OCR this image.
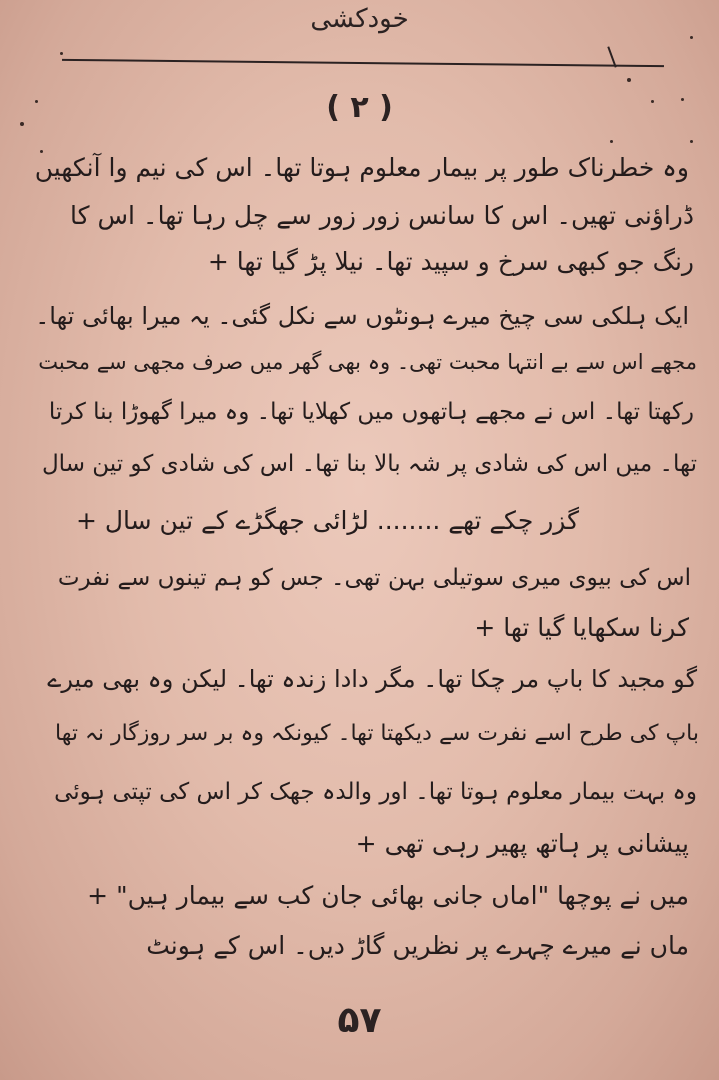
خودکشی
( ۲ )
وہ خطرناک طور پر بیمار معلوم ہوتا تھا۔ اس کی نیم وا آنکھیں
ڈراؤنی تھیں۔ اس کا سانس زور زور سے چل رہا تھا۔ اس کا
رنگ جو کبھی سرخ و سپید تھا۔ نیلا پڑ گیا تھا +
ایک ہلکی سی چیخ میرے ہونٹوں سے نکل گئی۔ یہ میرا بھائی تھا۔
مجھے اس سے بے انتہا محبت تھی۔ وہ بھی گھر میں صرف مجھی سے محبت
رکھتا تھا۔ اس نے مجھے ہاتھوں میں کھلایا تھا۔ وہ میرا گھوڑا بنا کرتا
تھا۔ میں اس کی شادی پر شہ بالا بنا تھا۔ اس کی شادی کو تین سال
گزر چکے تھے ........ لڑائی جھگڑے کے تین سال +
اس کی بیوی میری سوتیلی بہن تھی۔ جس کو ہم تینوں سے نفرت
کرنا سکھایا گیا تھا +
گو مجید کا باپ مر چکا تھا۔ مگر دادا زندہ تھا۔ لیکن وہ بھی میرے
باپ کی طرح اسے نفرت سے دیکھتا تھا۔ کیونکہ وہ بر سر روزگار نہ تھا
وہ بہت بیمار معلوم ہوتا تھا۔ اور والدہ جھک کر اس کی تپتی ہوئی
پیشانی پر ہاتھ پھیر رہی تھی +
میں نے پوچھا "اماں جانی بھائی جان کب سے بیمار ہیں" +
ماں نے میرے چہرے پر نظریں گاڑ دیں۔ اس کے ہونٹ
۵۷
